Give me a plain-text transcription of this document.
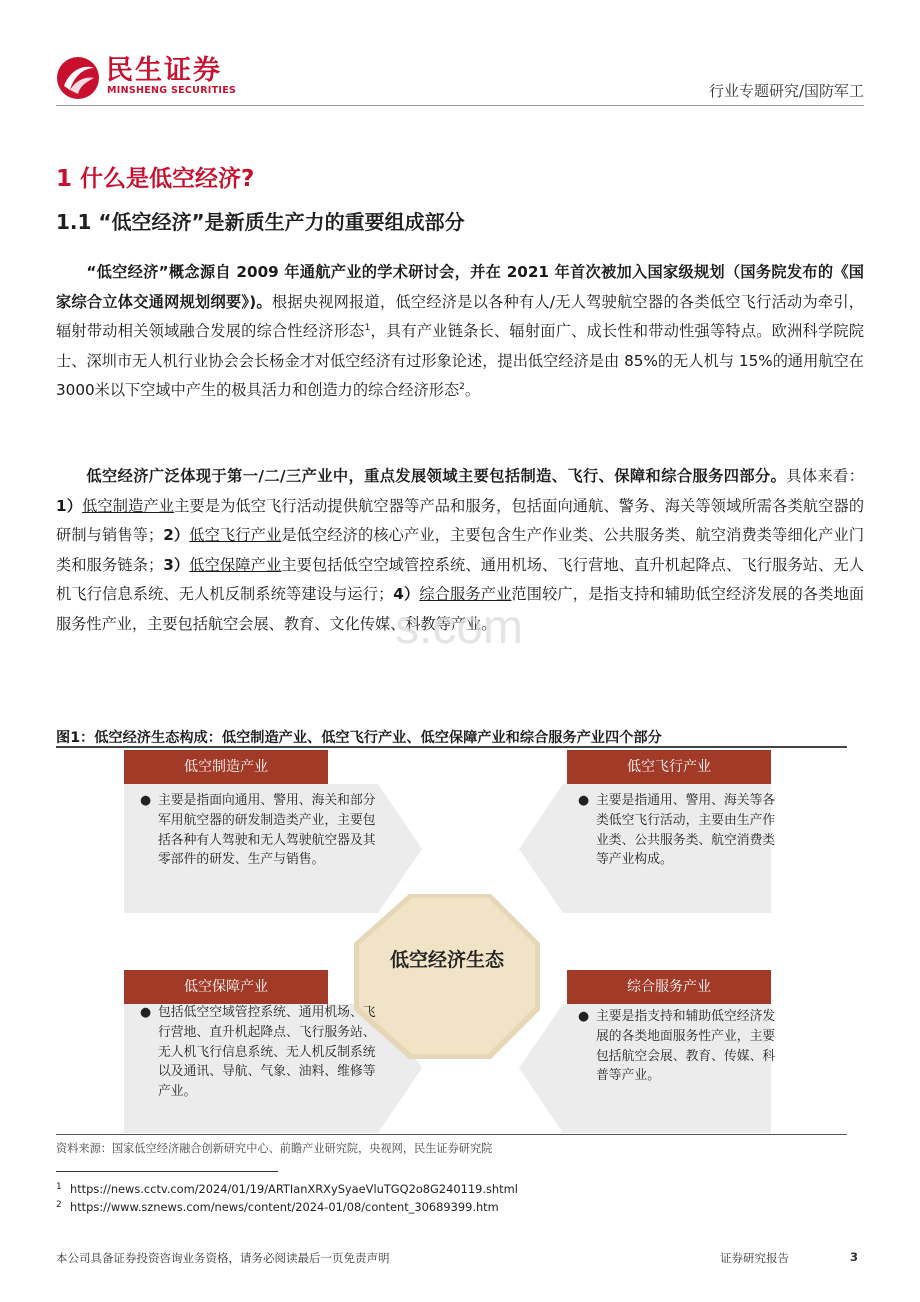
民生证券
MINSHENG SECURITIES	行业专题研究/国防军工
1 什么是低空经济?
1.1 “低空经济”是新质生产力的重要组成部分

“低空经济”概念源自 2009 年通航产业的学术研讨会，并在 2021 年首次被加入国家级规划（国务院发布的《国家综合立体交通网规划纲要》)。根据央视网报道，低空经济是以各种有人/无人驾驶航空器的各类低空飞行活动为牵引，辐射带动相关领域融合发展的综合性经济形态$^1$，具有产业链条长、辐射面广、成长性和带动性强等特点。欧洲科学院院士、深圳市无人机行业协会会长杨金才对低空经济有过形象论述，提出低空经济是由 85%的无人机与 15%的通用航空在 3000米以下空域中产生的极具活力和创造力的综合经济形态$^2$。

低空经济广泛体现于第一/二/三产业中，重点发展领域主要包括制造、飞行、保障和综合服务四部分。具体来看：1）低空制造产业主要是为低空飞行活动提供航空器等产品和服务，包括面向通航、警务、海关等领域所需各类航空器的研制与销售等；2）低空飞行产业是低空经济的核心产业，主要包含生产作业类、公共服务类、航空消费类等细化产业门类和服务链条；3）低空保障产业主要包括低空空域管控系统、通用机场、飞行营地、直升机起降点、飞行服务站、无人机飞行信息系统、无人机反制系统等建设与运行；4）综合服务产业范围较广，是指支持和辅助低空经济发展的各类地面服务性产业，主要包括航空会展、教育、文化传媒、科教等产业。

s.com
图1：低空经济生态构成：低空制造产业、低空飞行产业、低空保障产业和综合服务产业四个部分
低空制造产业
● 主要是指面向通用、警用、海关和部分军用航空器的研发制造类产业，主要包括各种有人驾驶和无人驾驶航空器及其零部件的研发、生产与销售。
低空飞行产业
● 主要是指通用、警用、海关等各类低空飞行活动，主要由生产作业类、公共服务类、航空消费类等产业构成。
低空经济生态
低空保障产业
● 包括低空空域管控系统、通用机场、飞行营地、直升机起降点、飞行服务站、无人机飞行信息系统、无人机反制系统以及通讯、导航、气象、油料、维修等产业。
综合服务产业
● 主要是指支持和辅助低空经济发展的各类地面服务性产业，主要包括航空会展、教育、传媒、科普等产业。
资料来源：国家低空经济融合创新研究中心、前瞻产业研究院，央视网，民生证券研究院
1 https://news.cctv.com/2024/01/19/ARTIanXRXySyaeVluTGQ2o8G240119.shtml
2 https://www.sznews.com/news/content/2024-01/08/content_30689399.htm
本公司具备证券投资咨询业务资格，请务必阅读最后一页免责声明	证券研究报告	3
